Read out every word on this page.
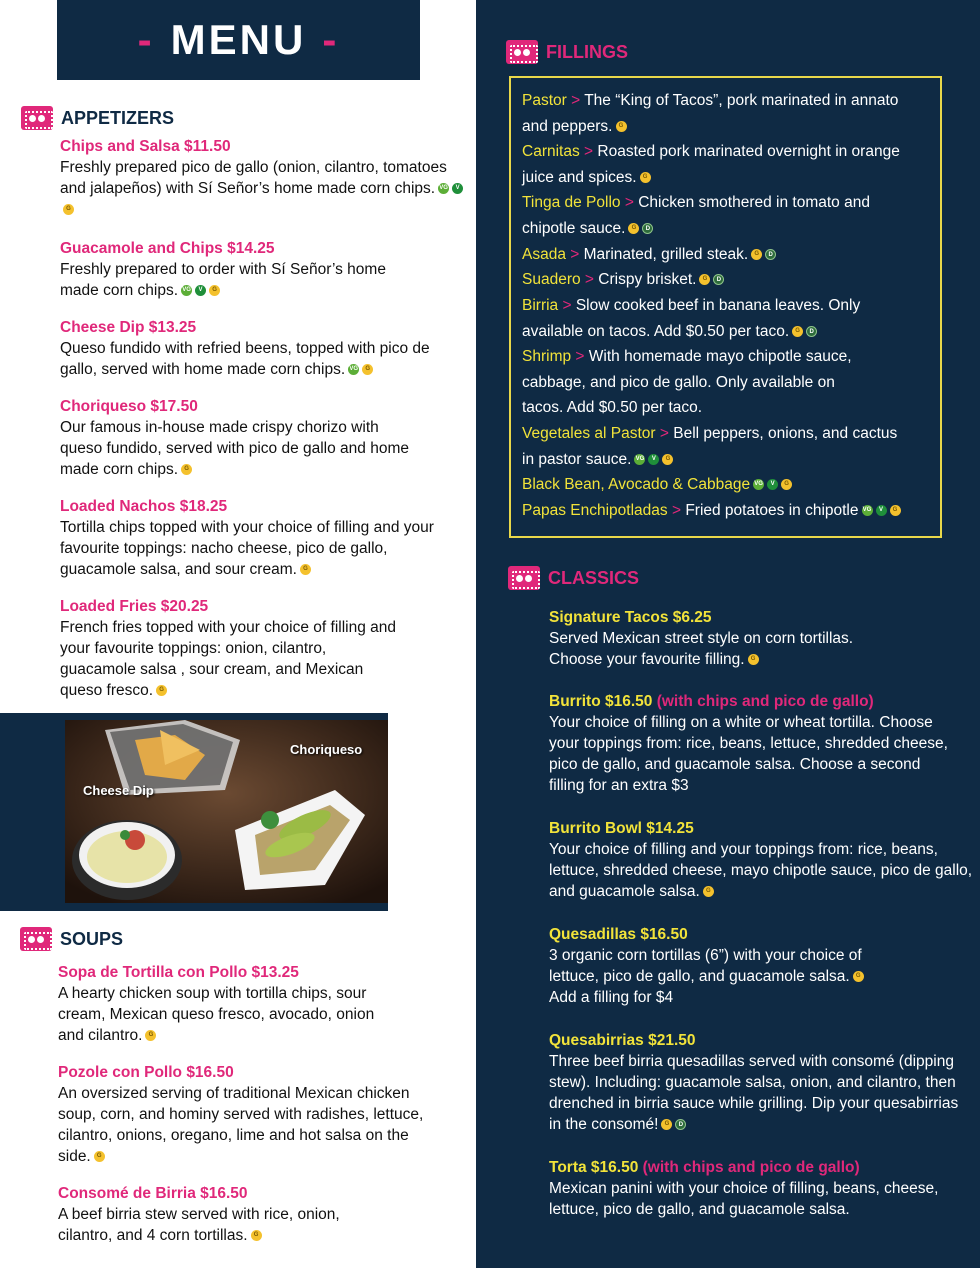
- MENU -
APPETIZERS
Chips and Salsa $11.50
Freshly prepared pico de gallo (onion, cilantro, tomatoes and jalapeños) with Sí Señor’s home made corn chips. VG VG
Guacamole and Chips $14.25
Freshly prepared to order with Sí Señor’s home made corn chips. VG V G
Cheese Dip $13.25
Queso fundido with refried beens, topped with pico de gallo, served with home made corn chips. VG G
Choriqueso $17.50
Our famous in-house made crispy chorizo with queso fundido, served with pico de gallo and home made corn chips. G
Loaded Nachos $18.25
Tortilla chips topped with your choice of filling and your favourite toppings: nacho cheese, pico de gallo, guacamole salsa, and sour cream. G
Loaded Fries $20.25
French fries topped with your choice of filling and your favourite toppings: onion, cilantro, guacamole salsa , sour cream, and Mexican queso fresco. G
Choriqueso
Cheese Dip
SOUPS
Sopa de Tortilla con Pollo $13.25
A hearty chicken soup with tortilla chips, sour cream, Mexican queso fresco, avocado, onion and cilantro. G
Pozole con Pollo $16.50
An oversized serving of traditional Mexican chicken soup, corn, and hominy served with radishes, lettuce, cilantro, onions, oregano, lime and hot salsa on the side. G
Consomé de Birria $16.50
A beef birria stew served with rice, onion, cilantro, and 4 corn tortillas. G
FILLINGS
Pastor > The “King of Tacos”, pork marinated in annato
and peppers. G
Carnitas > Roasted pork marinated overnight in orange
juice and spices. G
Tinga de Pollo > Chicken smothered in tomato and
chipotle sauce. G D
Asada > Marinated, grilled steak. G D
Suadero > Crispy brisket. G D
Birria > Slow cooked beef in banana leaves. Only
available on tacos. Add $0.50 per taco. G D
Shrimp > With homemade mayo chipotle sauce,
cabbage, and pico de gallo. Only available on
tacos. Add $0.50 per taco.
Vegetales al Pastor > Bell peppers, onions, and cactus
in pastor sauce. VG V G
Black Bean, Avocado & Cabbage VG V G
Papas Enchipotladas > Fried potatoes in chipotle VG V G
CLASSICS
Signature Tacos $6.25
Served Mexican street style on corn tortillas. Choose your favourite filling. G
Burrito $16.50 (with chips and pico de gallo)
Your choice of filling on a white or wheat tortilla. Choose your toppings from: rice, beans, lettuce, shredded cheese, pico de gallo, and guacamole salsa. Choose a second filling for an extra $3
Burrito Bowl $14.25
Your choice of filling and your toppings from: rice, beans, lettuce, shredded cheese, mayo chipotle sauce, pico de gallo, and guacamole salsa. G
Quesadillas $16.50
3 organic corn tortillas (6”) with your choice of lettuce, pico de gallo, and guacamole salsa. G
Add a filling for $4
Quesabirrias $21.50
Three beef birria quesadillas served with consomé (dipping stew). Including: guacamole salsa, onion, and cilantro, then drenched in birria sauce while grilling. Dip your quesabirrias in the consomé! G D
Torta $16.50 (with chips and pico de gallo)
Mexican panini with your choice of filling, beans, cheese, lettuce, pico de gallo, and guacamole salsa.
